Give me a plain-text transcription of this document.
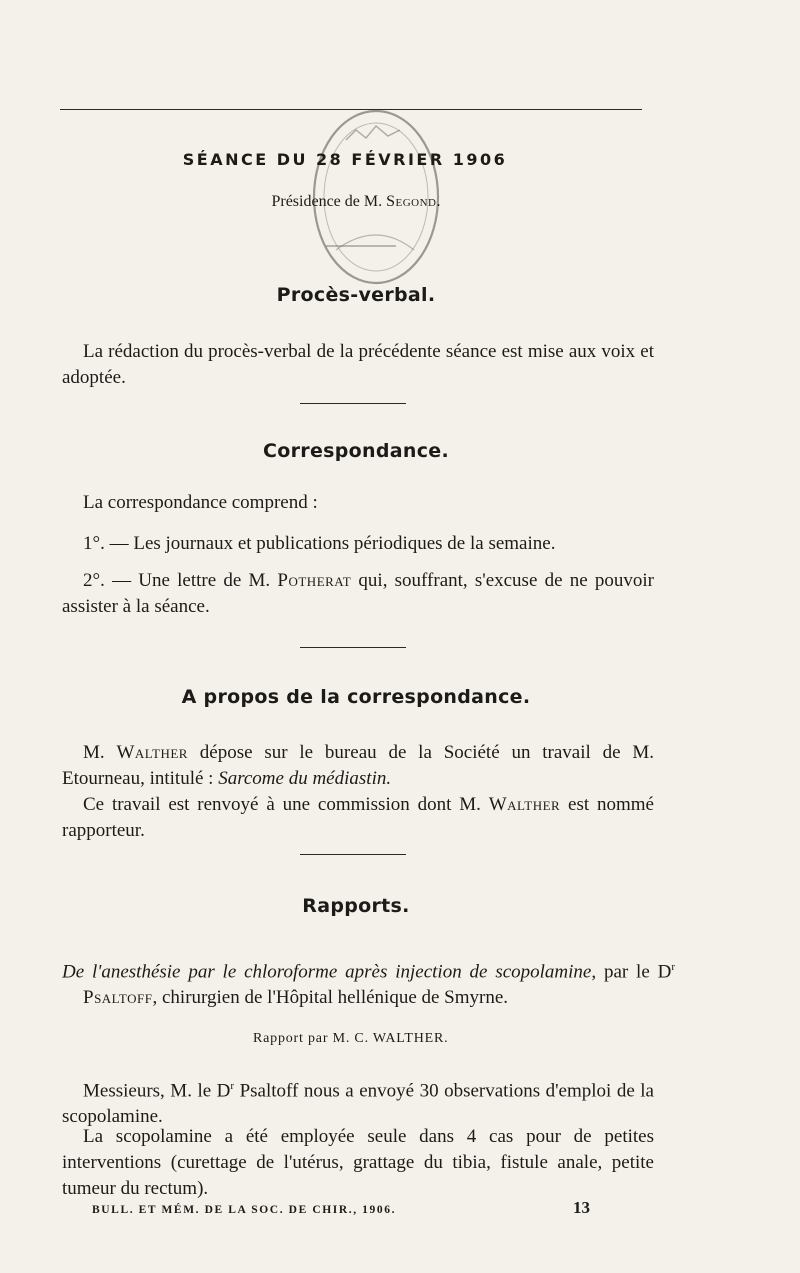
SÉANCE DU 28 FÉVRIER 1906
Présidence de M. Segond.
Procès-verbal.

La rédaction du procès-verbal de la précédente séance est mise aux voix et adoptée.

Correspondance.

La correspondance comprend :

1°. — Les journaux et publications périodiques de la semaine.

2°. — Une lettre de M. Potherat qui, souffrant, s'excuse de ne pouvoir assister à la séance.

A propos de la correspondance.

M. Walther dépose sur le bureau de la Société un travail de M. Etourneau, intitulé : Sarcome du médiastin.

Ce travail est renvoyé à une commission dont M. Walther est nommé rapporteur.

Rapports.

De l'anesthésie par le chloroforme après injection de scopolamine, par le $D^r$ Psaltoff, chirurgien de l'Hôpital hellénique de Smyrne.

Rapport par M. C. WALTHER.

Messieurs, M. le $D^r$ Psaltoff nous a envoyé 30 observations d'emploi de la scopolamine.

La scopolamine a été employée seule dans 4 cas pour de petites interventions (curettage de l'utérus, grattage du tibia, fistule anale, petite tumeur du rectum).

BULL. ET MÉM. DE LA SOC. DE CHIR., 1906.	13
